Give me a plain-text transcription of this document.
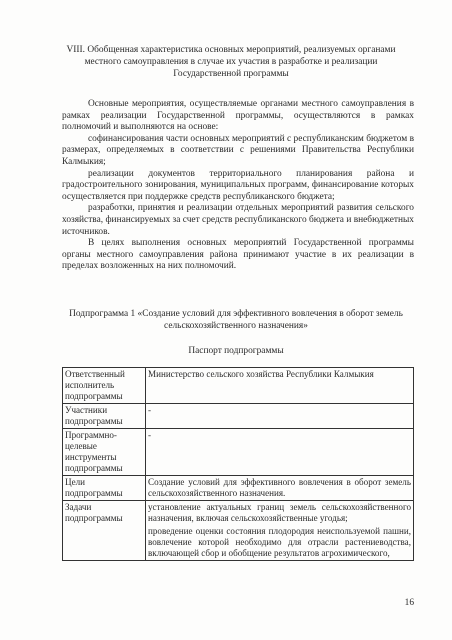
VIII. Обобщенная характеристика основных мероприятий, реализуемых органами местного самоуправления в случае их участия в разработке и реализации Государственной программы

Основные мероприятия, осуществляемые органами местного самоуправления в рамках реализации Государственной программы, осуществляются в рамках полномочий и выполняются на основе:

софинансирования части основных мероприятий с республиканским бюджетом в размерах, определяемых в соответствии с решениями Правительства Республики Калмыкия;

реализации документов территориального планирования района и градостроительного зонирования, муниципальных программ, финансирование которых осуществляется при поддержке средств республиканского бюджета;

разработки, принятия и реализации отдельных мероприятий развития сельского хозяйства, финансируемых за счет средств республиканского бюджета и внебюджетных источников.

В целях выполнения основных мероприятий Государственной программы органы местного самоуправления района принимают участие в их реализации в пределах возложенных на них полномочий.

Подпрограмма 1 «Создание условий для эффективного вовлечения в оборот земель сельскохозяйственного назначения»
Паспорт подпрограммы
Ответственный исполнитель подпрограммы	Министерство сельского хозяйства Республики Калмыкия
Участники подпрограммы	-
Программно-целевые инструменты подпрограммы	-
Цели подпрограммы	Создание условий для эффективного вовлечения в оборот земель сельскохозяйственного назначения.
Задачи подпрограммы	установление актуальных границ земель сельскохозяйственного назначения, включая сельскохозяйственные угодья;
	проведение оценки состояния плодородия неиспользуемой пашни, вовлечение которой необходимо для отрасли растениеводства, включающей сбор и обобщение результатов агрохимического,
16
